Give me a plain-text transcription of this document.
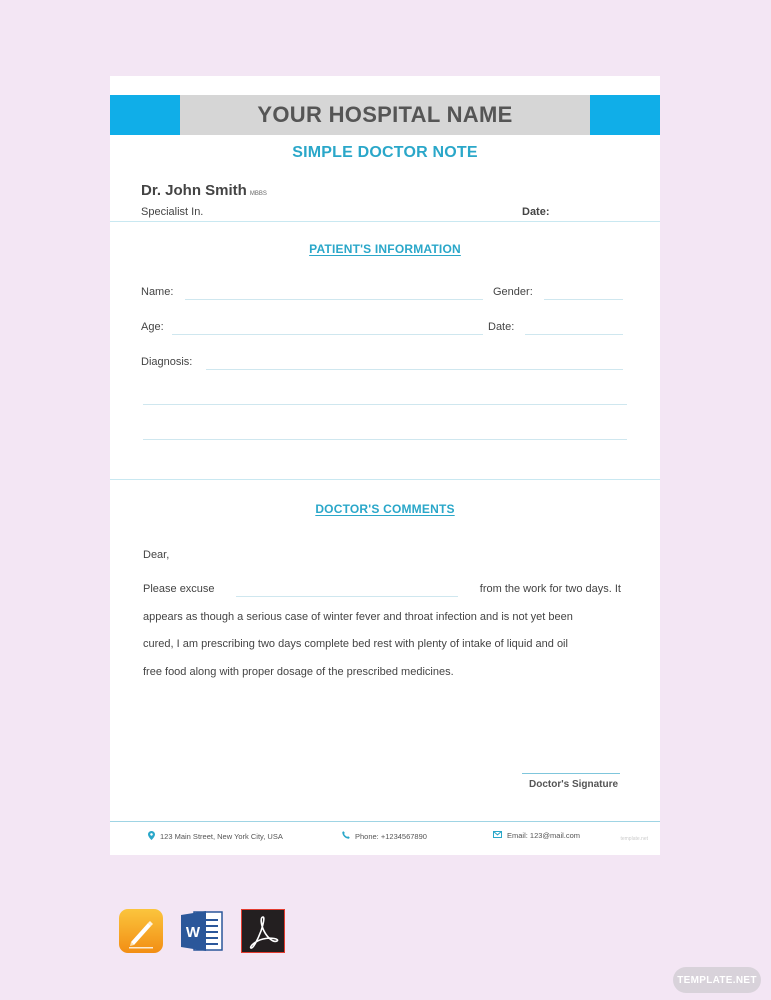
YOUR HOSPITAL NAME
SIMPLE DOCTOR NOTE
Dr. John Smith MBBS
Specialist In.	Date:
PATIENT'S INFORMATION
Name:	Gender:
Age:	Date:
Diagnosis:
DOCTOR'S COMMENTS
Dear,
Please excuse	from the work for two days. It
appears as though a serious case of winter fever and throat infection and is not yet been
cured, I am prescribing two days complete bed rest with plenty of intake of liquid and oil
free food along with proper dosage of the prescribed medicines.
Doctor's Signature
123 Main Street, New York City, USA	Phone: +1234567890	Email: 123@mail.com	template.net
W
TEMPLATE.NET
